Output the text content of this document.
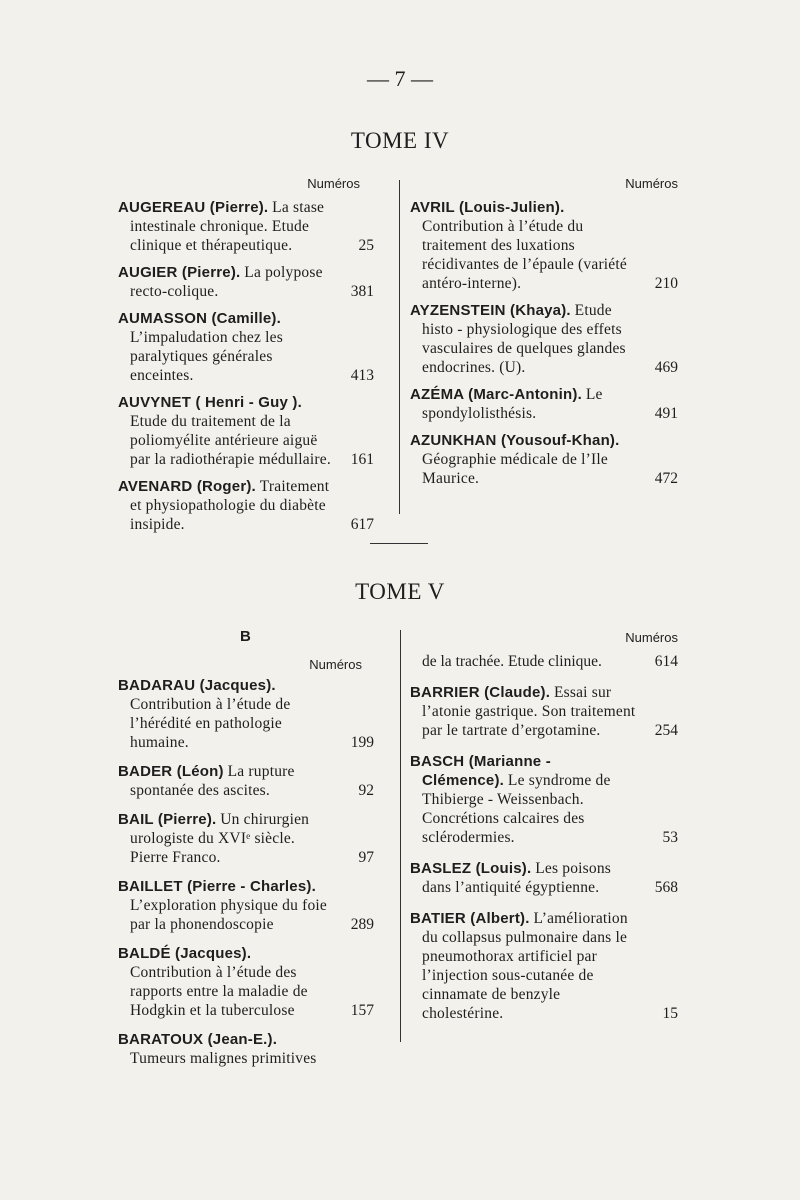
— 7 —
TOME IV
Numéros	Numéros
AUGEREAU (Pierre). La stase intestinale chronique. Etude clinique et thérapeutique.	25
AUGIER (Pierre). La polypose recto-colique.	381
AUMASSON (Camille). L’impaludation chez les paralytiques générales enceintes.	413
AUVYNET ( Henri - Guy ). Etude du traitement de la poliomyélite antérieure aiguë par la radiothérapie médullaire.	161
AVENARD (Roger). Traitement et physiopathologie du diabète insipide.	617
AVRIL (Louis-Julien). Contribution à l’étude du traitement des luxations récidivantes de l’épaule (variété antéro-interne).	210
AYZENSTEIN (Khaya). Etude histo - physiologique des effets vasculaires de quelques glandes endocrines. (U).	469
AZÉMA (Marc-Antonin). Le spondylolisthésis.	491
AZUNKHAN (Yousouf-Khan). Géographie médicale de l’Ile Maurice.	472
TOME V
B
Numéros
Numéros
BADARAU (Jacques). Contribution à l’étude de l’hérédité en pathologie humaine.	199
BADER (Léon) La rupture spontanée des ascites.	92
BAIL (Pierre). Un chirurgien urologiste du XVIᵉ siècle. Pierre Franco.	97
BAILLET (Pierre - Charles). L’exploration physique du foie par la phonendoscopie	289
BALDÉ (Jacques). Contribution à l’étude des rapports entre la maladie de Hodgkin et la tuberculose	157
BARATOUX (Jean-E.). Tumeurs malignes primitives
de la trachée. Etude clinique.	614
BARRIER (Claude). Essai sur l’atonie gastrique. Son traitement par le tartrate d’ergotamine.	254
BASCH (Marianne - Clémence). Le syndrome de Thibierge - Weissenbach. Concrétions calcaires des sclérodermies.	53
BASLEZ (Louis). Les poisons dans l’antiquité égyptienne.	568
BATIER (Albert). L’amélioration du collapsus pulmonaire dans le pneumothorax artificiel par l’injection sous-cutanée de cinnamate de benzyle cholestérine.	15
